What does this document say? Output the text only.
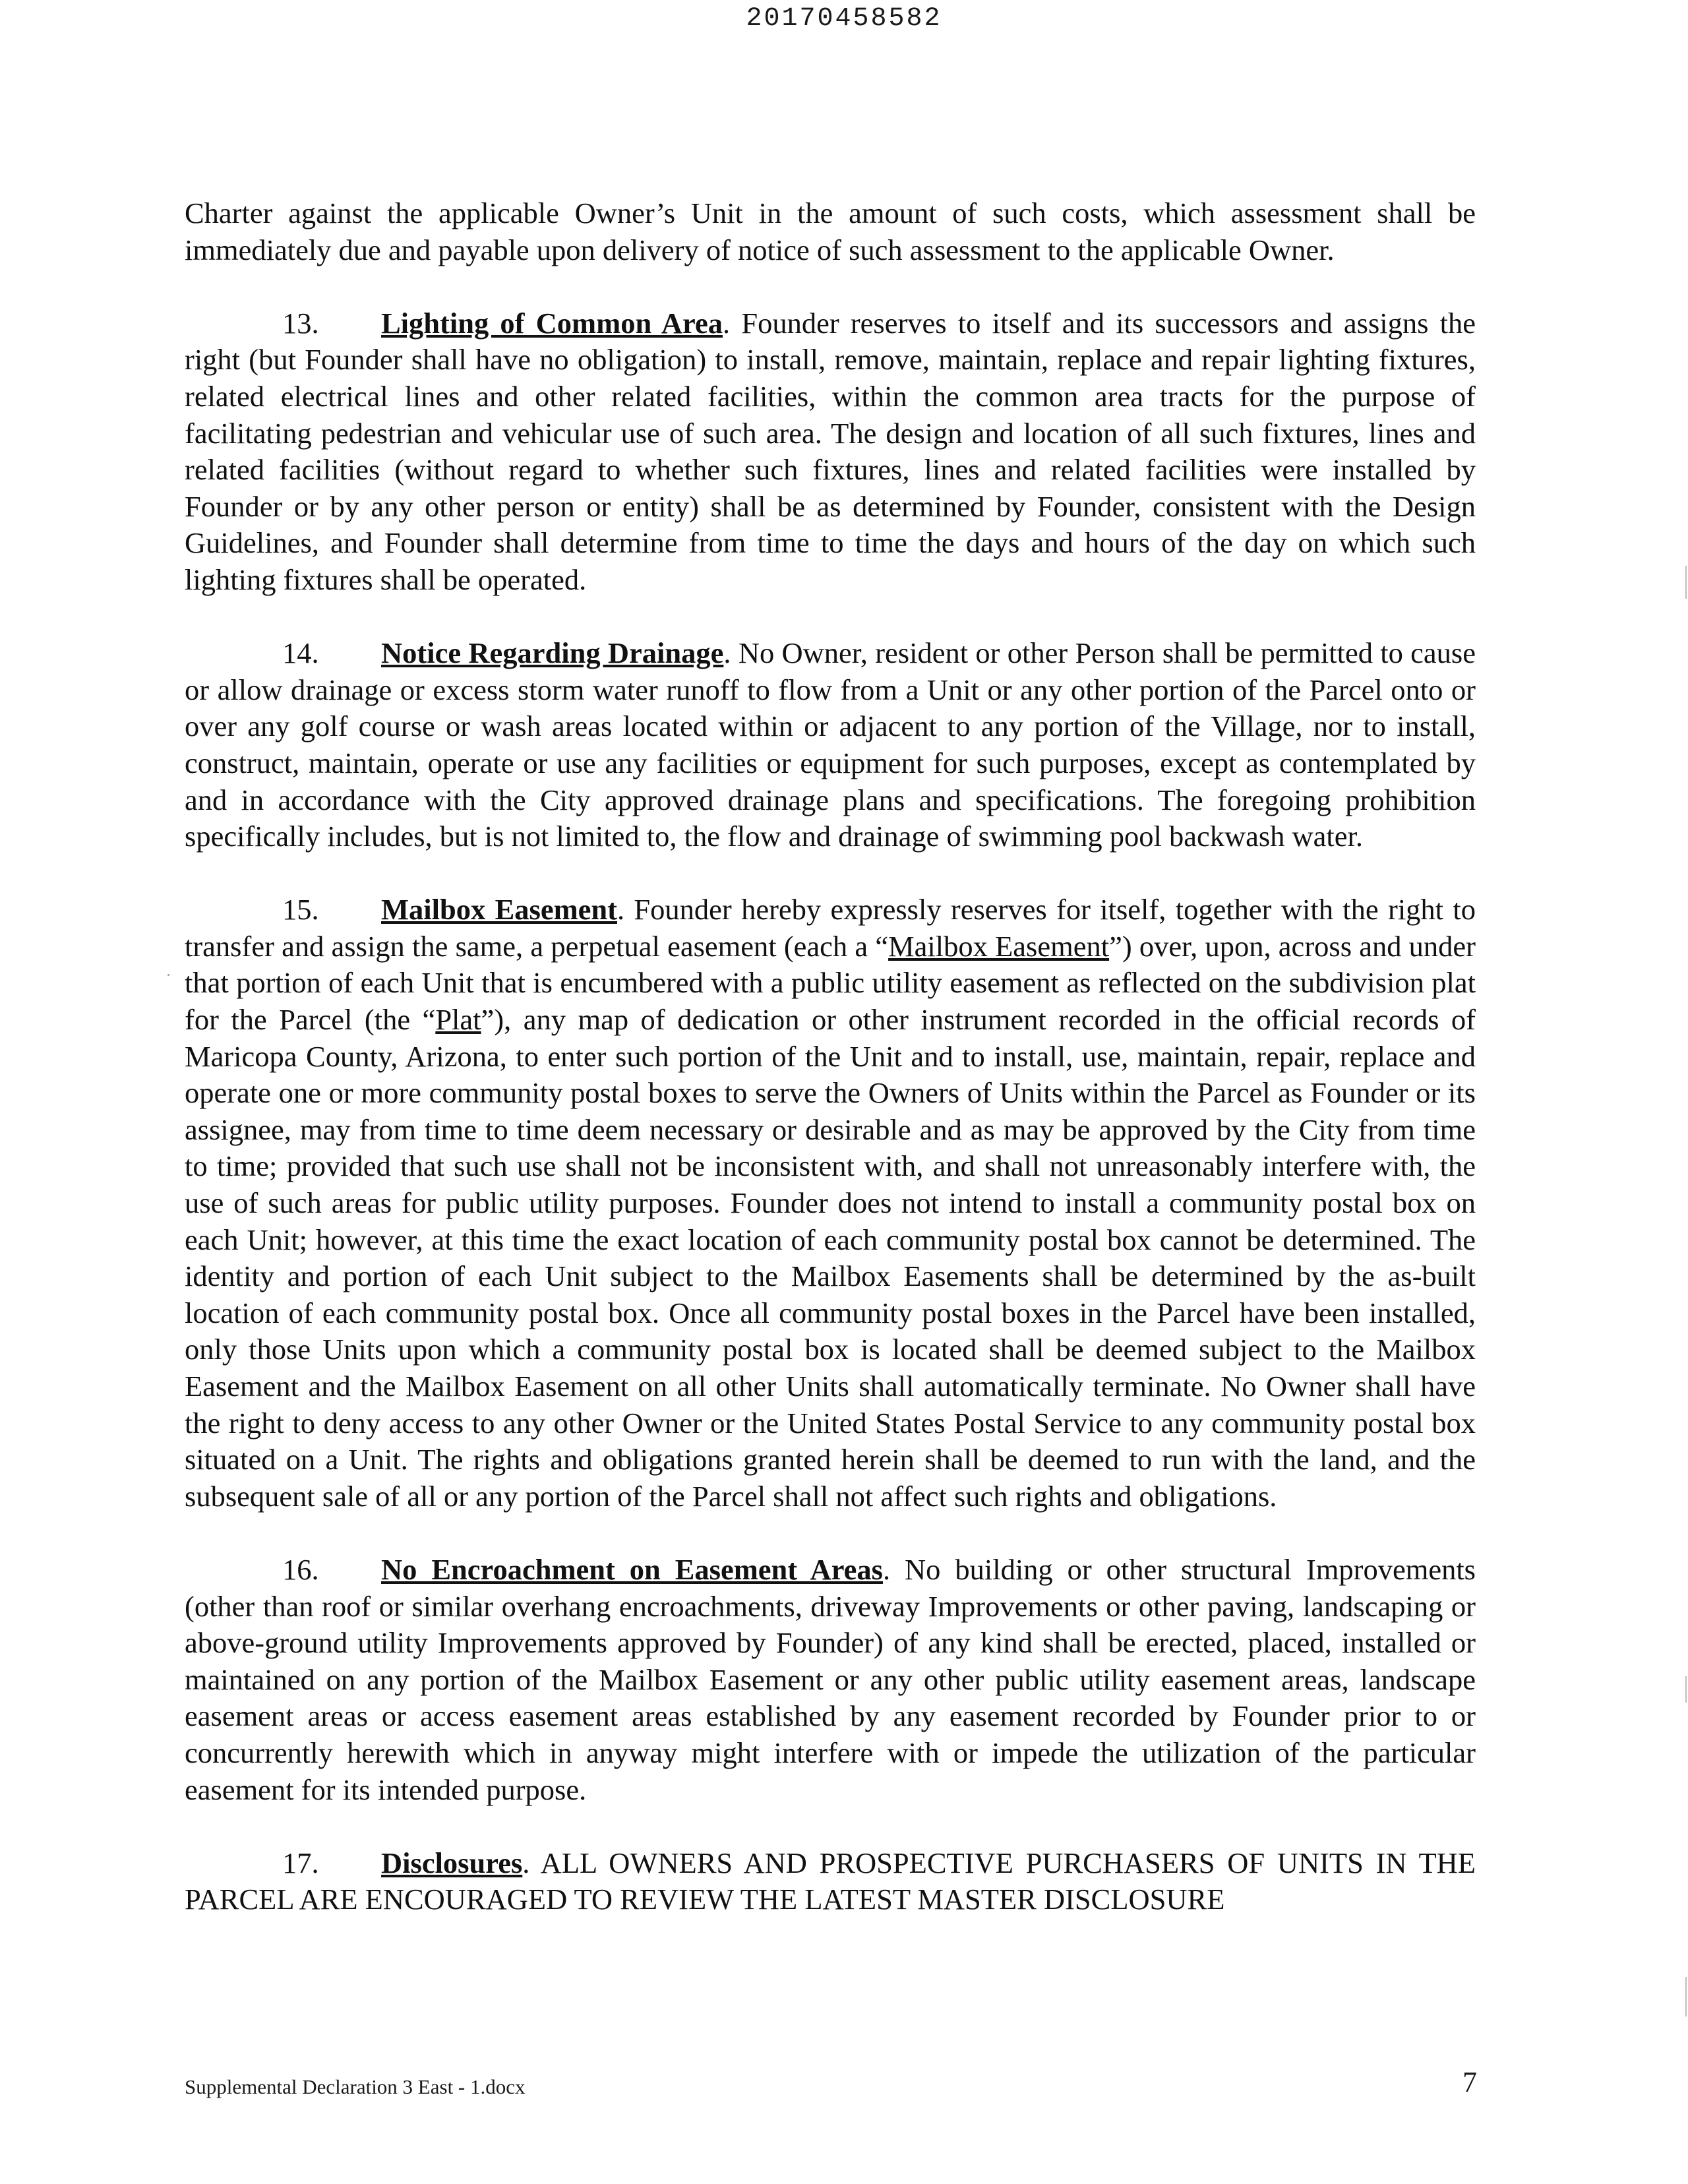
20170458582

Charter against the applicable Owner’s Unit in the amount of such costs, which assessment shall be immediately due and payable upon delivery of notice of such assessment to the applicable Owner.

13. Lighting of Common Area. Founder reserves to itself and its successors and assigns the right (but Founder shall have no obligation) to install, remove, maintain, replace and repair lighting fixtures, related electrical lines and other related facilities, within the common area tracts for the purpose of facilitating pedestrian and vehicular use of such area. The design and location of all such fixtures, lines and related facilities (without regard to whether such fixtures, lines and related facilities were installed by Founder or by any other person or entity) shall be as determined by Founder, consistent with the Design Guidelines, and Founder shall determine from time to time the days and hours of the day on which such lighting fixtures shall be operated.

14. Notice Regarding Drainage. No Owner, resident or other Person shall be permitted to cause or allow drainage or excess storm water runoff to flow from a Unit or any other portion of the Parcel onto or over any golf course or wash areas located within or adjacent to any portion of the Village, nor to install, construct, maintain, operate or use any facilities or equipment for such purposes, except as contemplated by and in accordance with the City approved drainage plans and specifications. The foregoing prohibition specifically includes, but is not limited to, the flow and drainage of swimming pool backwash water.

15. Mailbox Easement. Founder hereby expressly reserves for itself, together with the right to transfer and assign the same, a perpetual easement (each a “Mailbox Easement”) over, upon, across and under that portion of each Unit that is encumbered with a public utility easement as reflected on the subdivision plat for the Parcel (the “Plat”), any map of dedication or other instrument recorded in the official records of Maricopa County, Arizona, to enter such portion of the Unit and to install, use, maintain, repair, replace and operate one or more community postal boxes to serve the Owners of Units within the Parcel as Founder or its assignee, may from time to time deem necessary or desirable and as may be approved by the City from time to time; provided that such use shall not be inconsistent with, and shall not unreasonably interfere with, the use of such areas for public utility purposes. Founder does not intend to install a community postal box on each Unit; however, at this time the exact location of each community postal box cannot be determined. The identity and portion of each Unit subject to the Mailbox Easements shall be determined by the as-built location of each community postal box. Once all community postal boxes in the Parcel have been installed, only those Units upon which a community postal box is located shall be deemed subject to the Mailbox Easement and the Mailbox Easement on all other Units shall automatically terminate. No Owner shall have the right to deny access to any other Owner or the United States Postal Service to any community postal box situated on a Unit. The rights and obligations granted herein shall be deemed to run with the land, and the subsequent sale of all or any portion of the Parcel shall not affect such rights and obligations.

16. No Encroachment on Easement Areas. No building or other structural Improvements (other than roof or similar overhang encroachments, driveway Improvements or other paving, landscaping or above-ground utility Improvements approved by Founder) of any kind shall be erected, placed, installed or maintained on any portion of the Mailbox Easement or any other public utility easement areas, landscape easement areas or access easement areas established by any easement recorded by Founder prior to or concurrently herewith which in anyway might interfere with or impede the utilization of the particular easement for its intended purpose.

17. Disclosures. ALL OWNERS AND PROSPECTIVE PURCHASERS OF UNITS IN THE PARCEL ARE ENCOURAGED TO REVIEW THE LATEST MASTER DISCLOSURE

Supplemental Declaration 3 East - 1.docx	7
